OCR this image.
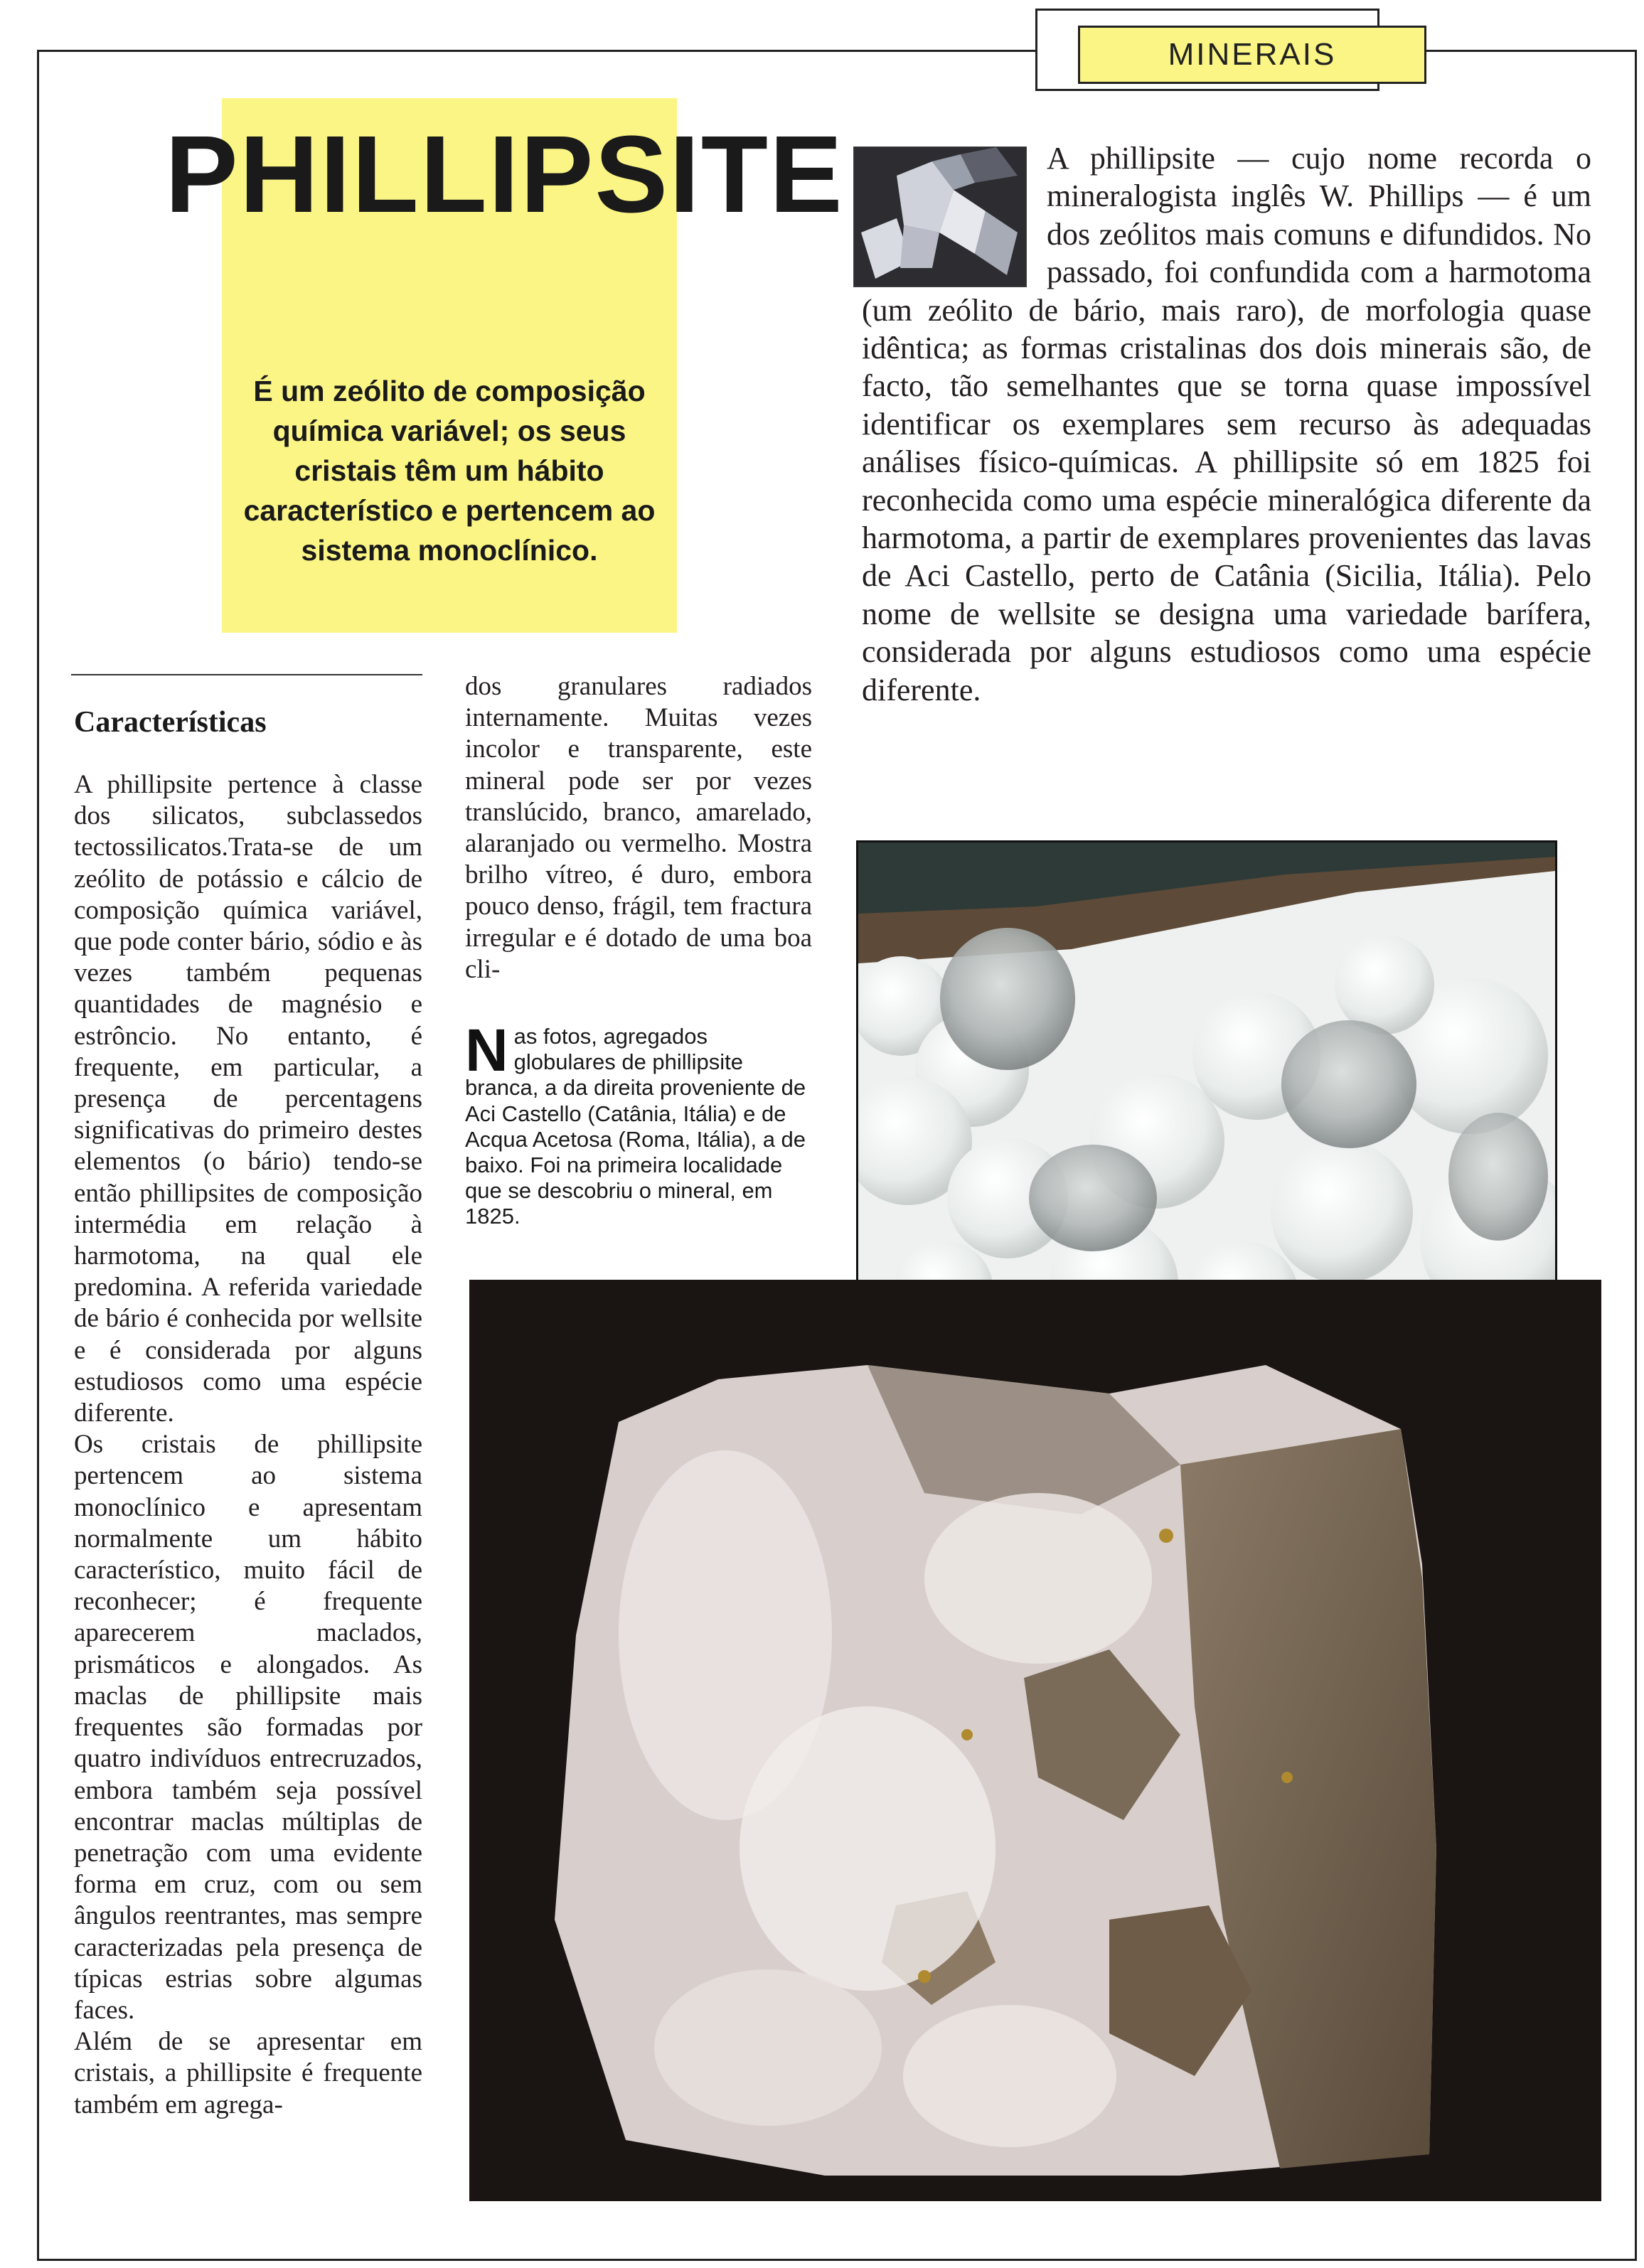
MINERAIS
PHILLIPSITE
É um zeólito de composição química variável; os seus cristais têm um hábito característico e pertencem ao sistema monoclínico.
Características

A phillipsite pertence à classe dos silicatos, subclassedos tectossilicatos.Trata-se de um zeólito de potássio e cálcio de composição química variável, que pode conter bário, sódio e às vezes também pequenas quantidades de magnésio e estrôncio. No entanto, é frequente, em particular, a presença de percentagens significativas do primeiro destes elementos (o bário) tendo-se então phillipsites de composição intermédia em relação à harmotoma, na qual ele predomina. A referida variedade de bário é conhecida por wellsite e é considerada por alguns estudiosos como uma espécie diferente.

Os cristais de phillipsite pertencem ao sistema monoclínico e apresentam normalmente um hábito característico, muito fácil de reconhecer; é frequente aparecerem maclados, prismáticos e alongados. As maclas de phillipsite mais frequentes são formadas por quatro indivíduos entrecruzados, embora também seja possível encontrar maclas múltiplas de penetração com uma evidente forma em cruz, com ou sem ângulos reentrantes, mas sempre caracterizadas pela presença de típicas estrias sobre algumas faces.

Além de se apresentar em cristais, a phillipsite é frequente também em agrega-

dos granulares radiados internamente. Muitas vezes incolor e transparente, este mineral pode ser por vezes translúcido, branco, amarelado, alaranjado ou vermelho. Mostra brilho vítreo, é duro, embora pouco denso, frágil, tem fractura irregular e é dotado de uma boa cli-

Nas fotos, agregados globulares de phillipsite branca, a da direita proveniente de Aci Castello (Catânia, Itália) e de Acqua Acetosa (Roma, Itália), a de baixo. Foi na primeira localidade que se descobriu o mineral, em 1825.

A phillipsite — cujo nome recorda o mineralogista inglês W. Phillips — é um dos zeólitos mais comuns e difundidos. No passado, foi confundida com a harmotoma (um zeólito de bário, mais raro), de morfologia quase idêntica; as formas cristalinas dos dois minerais são, de facto, tão semelhantes que se torna quase impossível identificar os exemplares sem recurso às adequadas análises físico-químicas. A phillipsite só em 1825 foi reconhecida como uma espécie mineralógica diferente da harmotoma, a partir de exemplares provenientes das lavas de Aci Castello, perto de Catânia (Sicilia, Itália). Pelo nome de wellsite se designa uma variedade barífera, considerada por alguns estudiosos como uma espécie diferente.
